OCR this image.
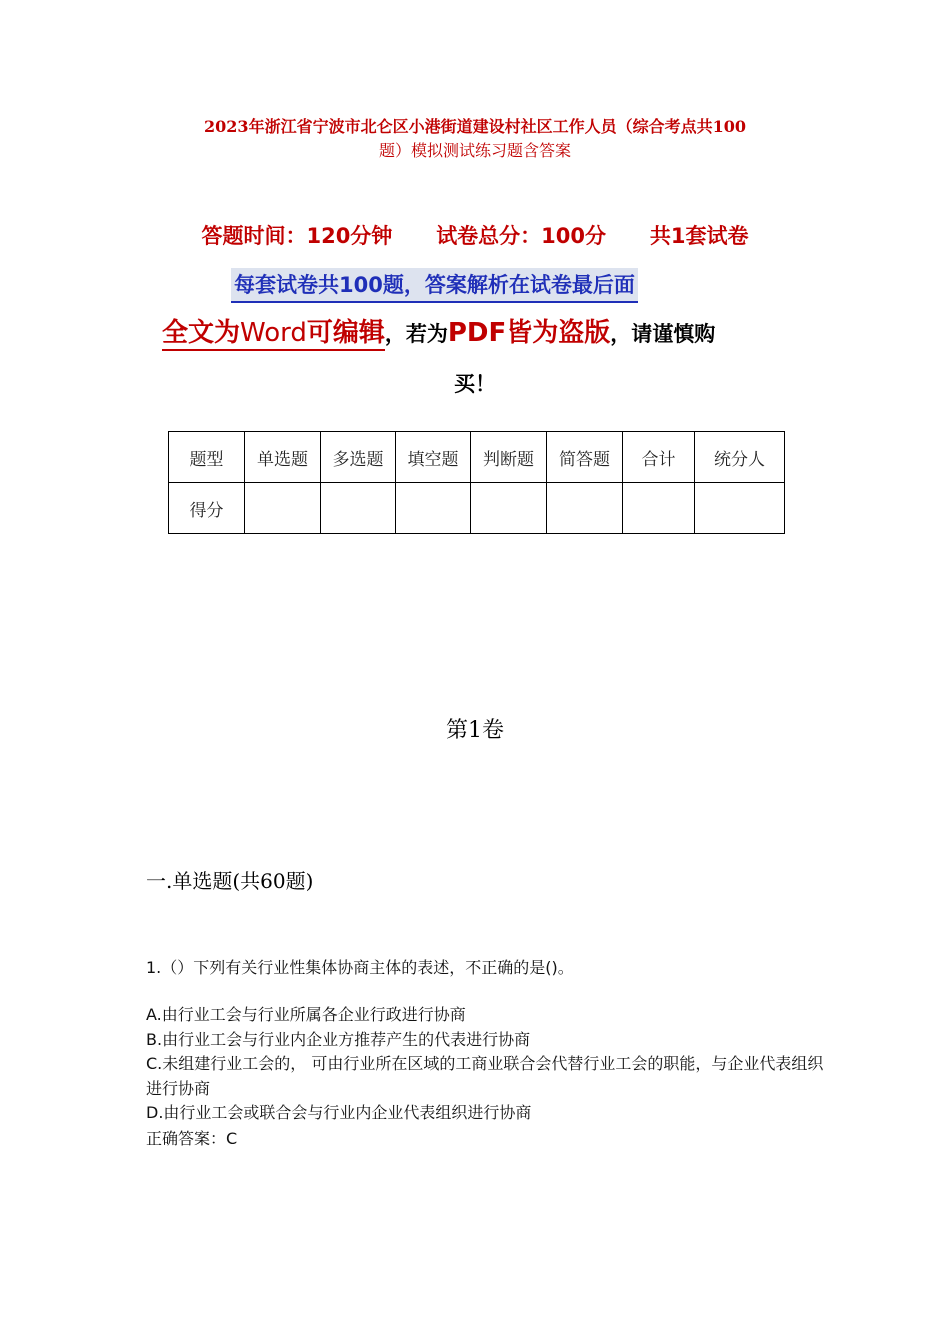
2023年浙江省宁波市北仑区小港街道建设村社区工作人员（综合考点共100
题）模拟测试练习题含答案
答题时间：120分钟 试卷总分：100分 共1套试卷
每套试卷共100题，答案解析在试卷最后面
全文为Word可编辑，若为PDF皆为盗版，请谨慎购
买！
题型	单选题	多选题	填空题	判断题	简答题	合计	统分人
得分							
第1卷
一.单选题(共60题)
1.（）下列有关行业性集体协商主体的表述，不正确的是()。
A.由行业工会与行业所属各企业行政进行协商
B.由行业工会与行业内企业方推荐产生的代表进行协商
C.未组建行业工会的， 可由行业所在区域的工商业联合会代替行业工会的职能，与企业代表组织进行协商
D.由行业工会或联合会与行业内企业代表组织进行协商
正确答案：C
